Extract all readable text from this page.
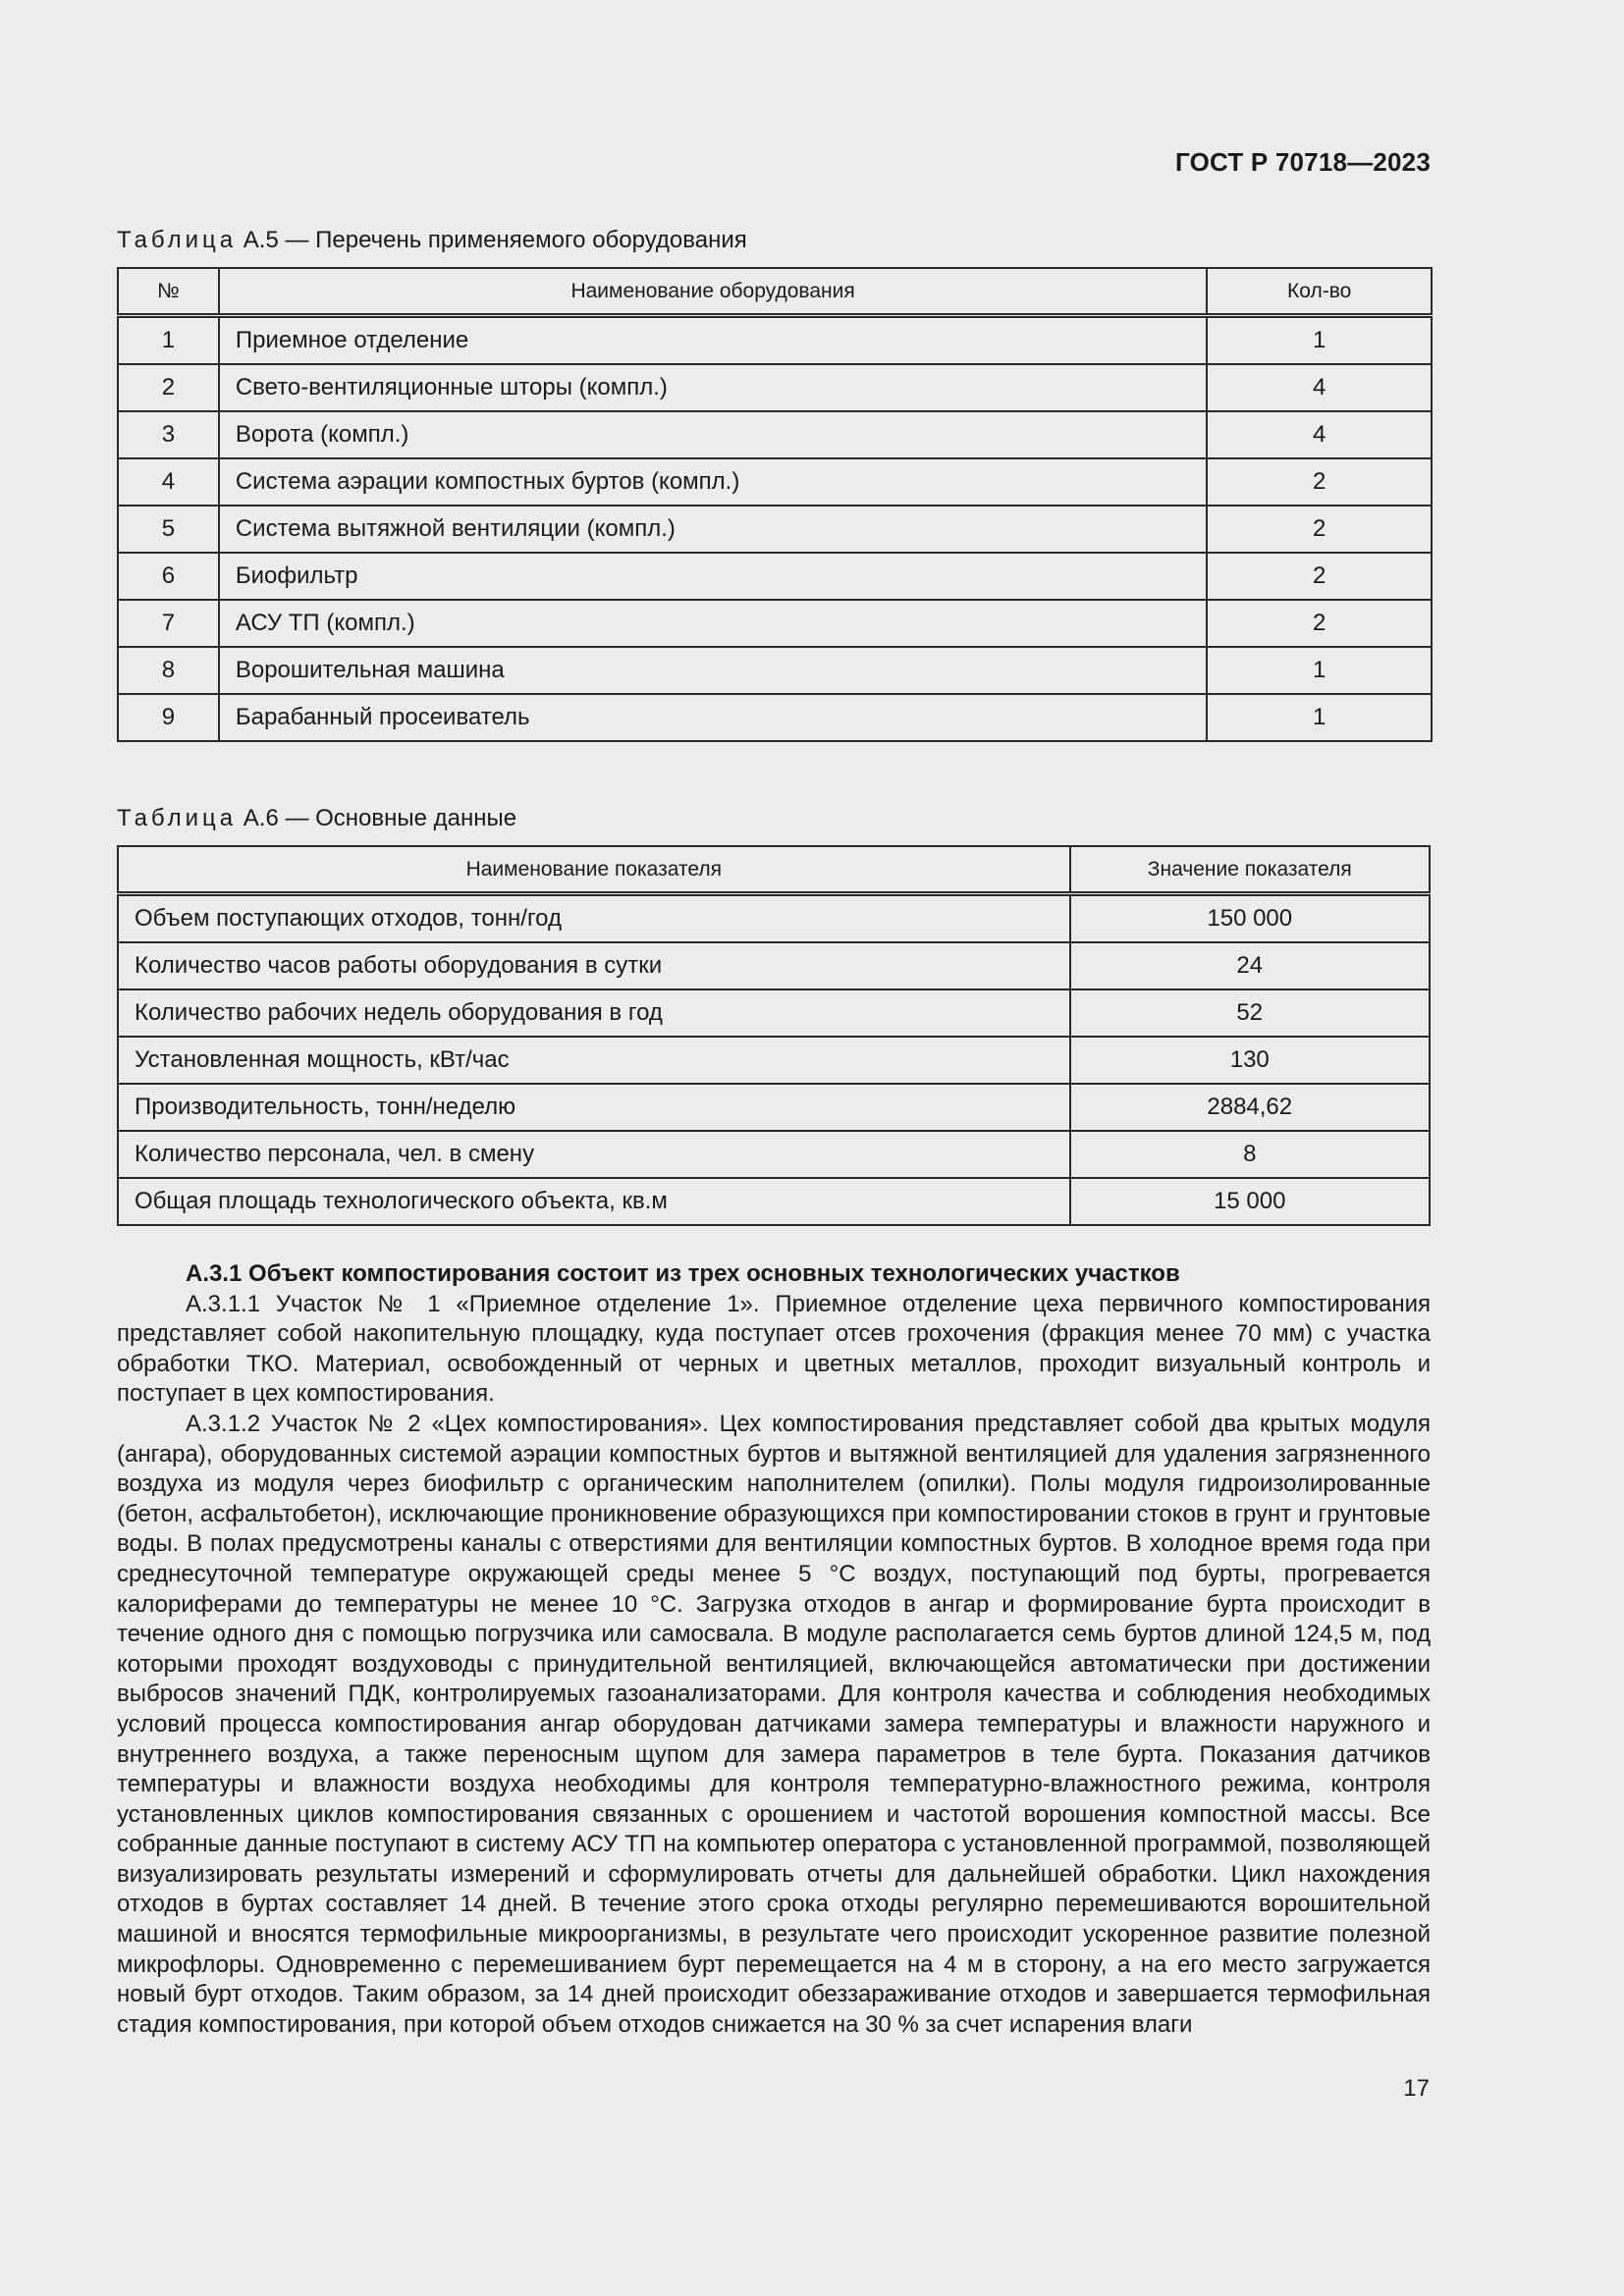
ГОСТ Р 70718—2023
Таблица А.5 — Перечень применяемого оборудования
№	Наименование оборудования	Кол-во
1	Приемное отделение	1
2	Свето-вентиляционные шторы (компл.)	4
3	Ворота (компл.)	4
4	Система аэрации компостных буртов (компл.)	2
5	Система вытяжной вентиляции (компл.)	2
6	Биофильтр	2
7	АСУ ТП (компл.)	2
8	Ворошительная машина	1
9	Барабанный просеиватель	1
Таблица А.6 — Основные данные
Наименование показателя	Значение показателя
Объем поступающих отходов, тонн/год	150 000
Количество часов работы оборудования в сутки	24
Количество рабочих недель оборудования в год	52
Установленная мощность, кВт/час	130
Производительность, тонн/неделю	2884,62
Количество персонала, чел. в смену	8
Общая площадь технологического объекта, кв.м	15 000

А.3.1 Объект компостирования состоит из трех основных технологических участков

А.3.1.1 Участок № 1 «Приемное отделение 1». Приемное отделение цеха первичного компостирования представляет собой накопительную площадку, куда поступает отсев грохочения (фракция менее 70 мм) с участка обработки ТКО. Материал, освобожденный от черных и цветных металлов, проходит визуальный контроль и поступает в цех компостирования.

А.3.1.2 Участок № 2 «Цех компостирования». Цех компостирования представляет собой два крытых модуля (ангара), оборудованных системой аэрации компостных буртов и вытяжной вентиляцией для удаления загрязненного воздуха из модуля через биофильтр с органическим наполнителем (опилки). Полы модуля гидроизолированные (бетон, асфальтобетон), исключающие проникновение образующихся при компостировании стоков в грунт и грунтовые воды. В полах предусмотрены каналы с отверстиями для вентиляции компостных буртов. В холодное время года при среднесуточной температуре окружающей среды менее 5 °С воздух, поступающий под бурты, прогревается калориферами до температуры не менее 10 °С. Загрузка отходов в ангар и формирование бурта происходит в течение одного дня с помощью погрузчика или самосвала. В модуле располагается семь буртов длиной 124,5 м, под которыми проходят воздуховоды с принудительной вентиляцией, включающейся автоматически при достижении выбросов значений ПДК, контролируемых газоанализаторами. Для контроля качества и соблюдения необходимых условий процесса компостирования ангар оборудован датчиками замера температуры и влажности наружного и внутреннего воздуха, а также переносным щупом для замера параметров в теле бурта. Показания датчиков температуры и влажности воздуха необходимы для контроля температурно-влажностного режима, контроля установленных циклов компостирования связанных с орошением и частотой ворошения компостной массы. Все собранные данные поступают в систему АСУ ТП на компьютер оператора с установленной программой, позволяющей визуализировать результаты измерений и сформулировать отчеты для дальнейшей обработки. Цикл нахождения отходов в буртах составляет 14 дней. В течение этого срока отходы регулярно перемешиваются ворошительной машиной и вносятся термофильные микроорганизмы, в результате чего происходит ускоренное развитие полезной микрофлоры. Одновременно с перемешиванием бурт перемещается на 4 м в сторону, а на его место загружается новый бурт отходов. Таким образом, за 14 дней происходит обеззараживание отходов и завершается термофильная стадия компостирования, при которой объем отходов снижается на 30 % за счет испарения влаги

17
